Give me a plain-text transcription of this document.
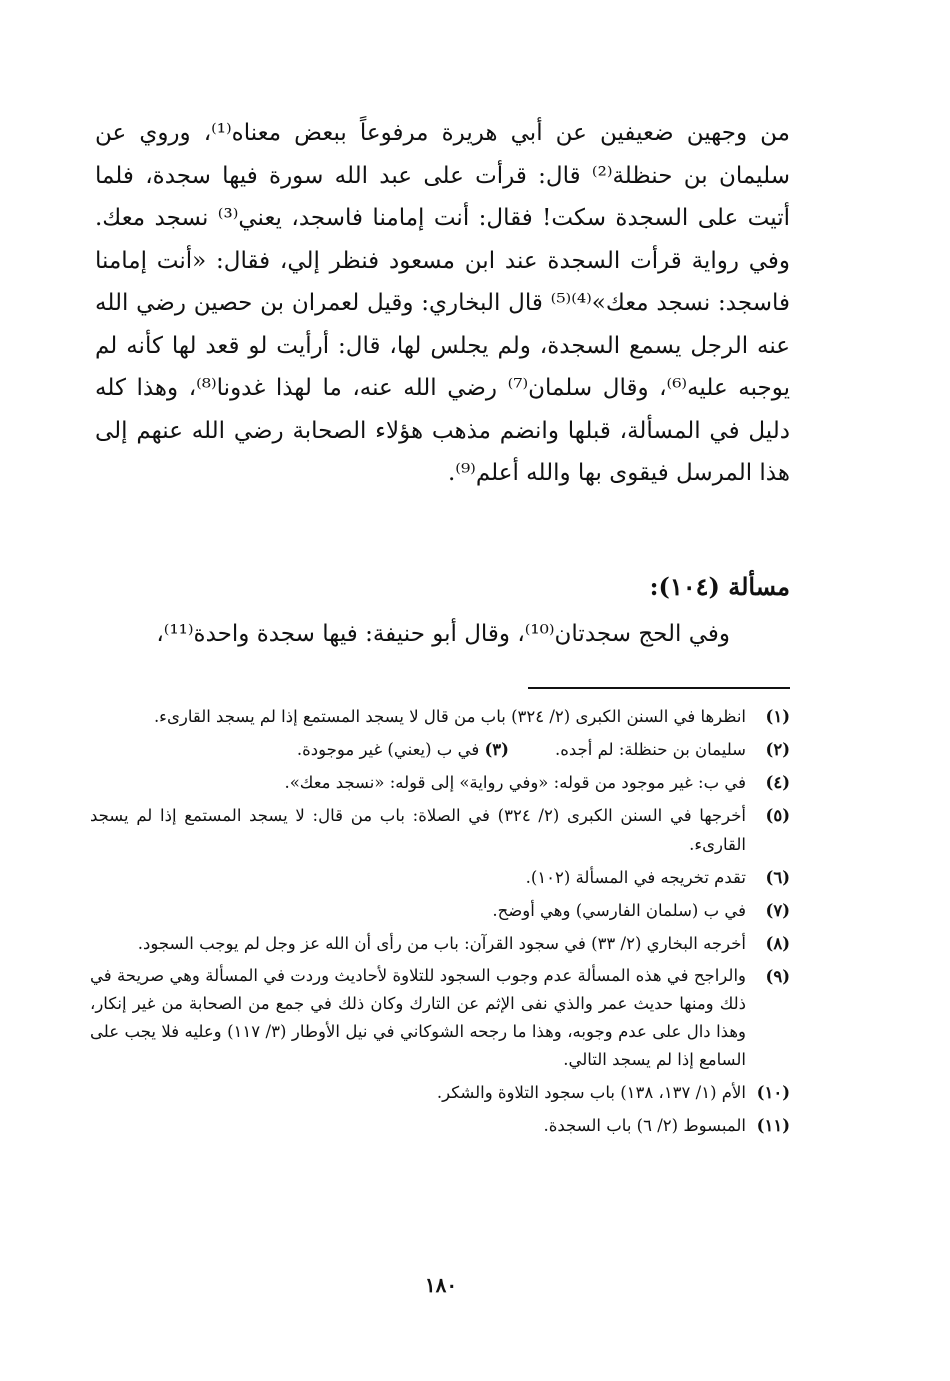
من وجهين ضعيفين عن أبي هريرة مرفوعاً ببعض معناه⁽¹⁾، وروي عن سليمان بن حنظلة⁽²⁾ قال: قرأت على عبد الله سورة فيها سجدة، فلما أتيت على السجدة سكت! فقال: أنت إمامنا فاسجد، يعني⁽³⁾ نسجد معك. وفي رواية قرأت السجدة عند ابن مسعود فنظر إلي، فقال: «أنت إمامنا فاسجد: نسجد معك»⁽⁴⁾⁽⁵⁾ قال البخاري: وقيل لعمران بن حصين رضي الله عنه الرجل يسمع السجدة، ولم يجلس لها، قال: أرأيت لو قعد لها كأنه لم يوجبه عليه⁽⁶⁾، وقال سلمان⁽⁷⁾ رضي الله عنه، ما لهذا غدونا⁽⁸⁾، وهذا كله دليل في المسألة، قبلها وانضم مذهب هؤلاء الصحابة رضي الله عنهم إلى هذا المرسل فيقوى بها والله أعلم⁽⁹⁾.

مسألة (١٠٤):

وفي الحج سجدتان⁽¹⁰⁾، وقال أبو حنيفة: فيها سجدة واحدة⁽¹¹⁾،

(١)
انظرها في السنن الكبرى (٢/ ٣٢٤) باب من قال لا يسجد المستمع إذا لم يسجد القارىء.
(٢)
سليمان بن حنظلة: لم أجده.
(٣) في ب (يعني) غير موجودة.
(٤)
في ب: غير موجود من قوله: «وفي رواية» إلى قوله: «نسجد معك».
(٥)
أخرجها في السنن الكبرى (٢/ ٣٢٤) في الصلاة: باب من قال: لا يسجد المستمع إذا لم يسجد القارىء.
(٦)
تقدم تخريجه في المسألة (١٠٢).
(٧)
في ب (سلمان الفارسي) وهي أوضح.
(٨)
أخرجه البخاري (٢/ ٣٣) في سجود القرآن: باب من رأى أن الله عز وجل لم يوجب السجود.
(٩)
والراجح في هذه المسألة عدم وجوب السجود للتلاوة لأحاديث وردت في المسألة وهي صريحة في ذلك ومنها حديث عمر والذي نفى الإثم عن التارك وكان ذلك في جمع من الصحابة من غير إنكار، وهذا دال على عدم وجوبه، وهذا ما رجحه الشوكاني في نيل الأوطار (٣/ ١١٧) وعليه فلا يجب على السامع إذا لم يسجد التالي.
(١٠)
الأم (١/ ١٣٧، ١٣٨) باب سجود التلاوة والشكر.
(١١)
المبسوط (٢/ ٦) باب السجدة.
١٨٠
